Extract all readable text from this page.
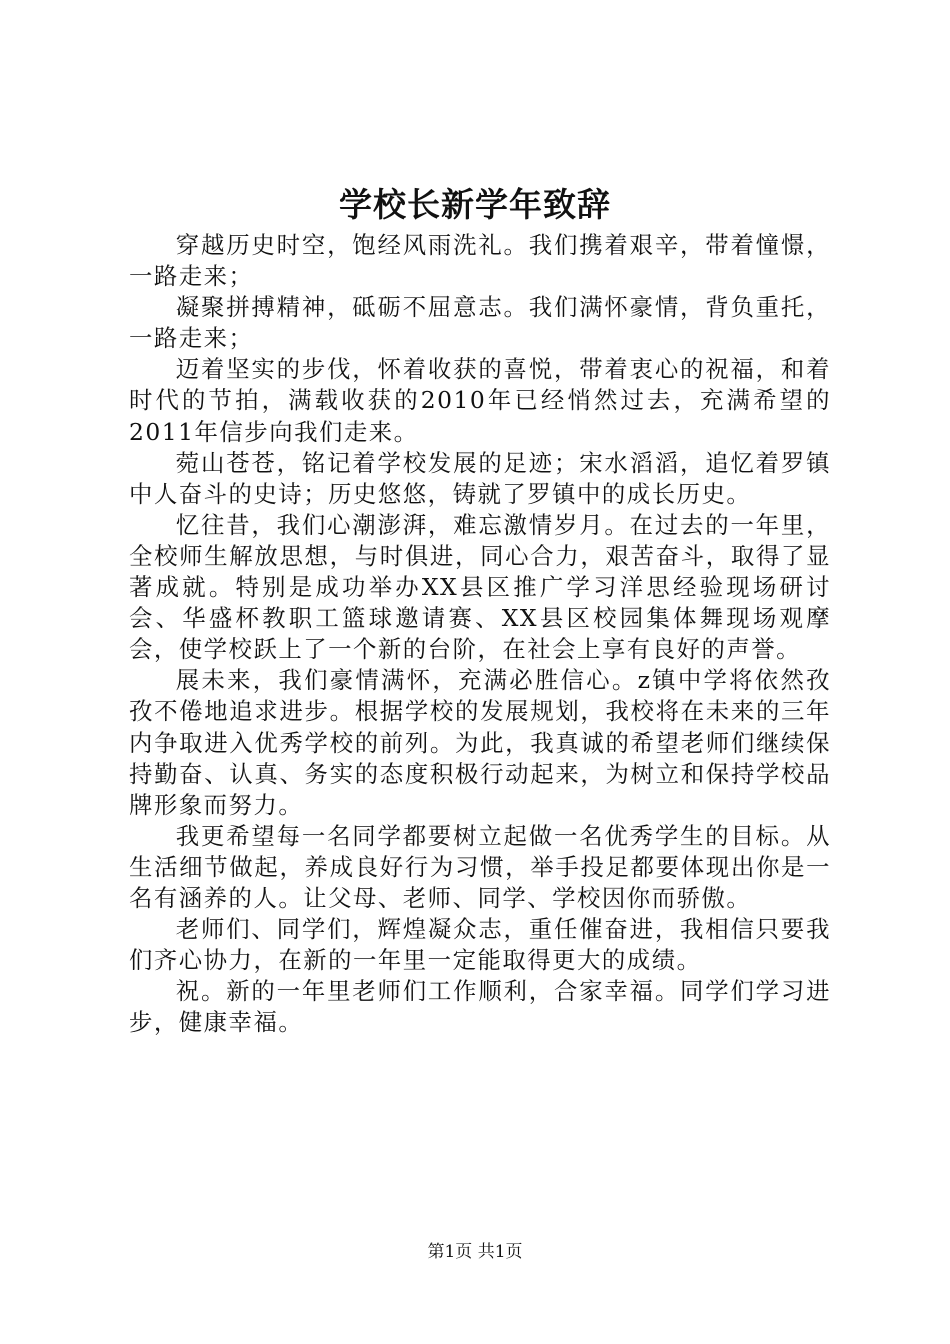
学校长新学年致辞

穿越历史时空，饱经风雨洗礼。我们携着艰辛，带着憧憬，一路走来；

凝聚拼搏精神，砥砺不屈意志。我们满怀豪情，背负重托，一路走来；

迈着坚实的步伐，怀着收获的喜悦，带着衷心的祝福，和着时代的节拍，满载收获的2010年已经悄然过去，充满希望的2011年信步向我们走来。

菀山苍苍，铭记着学校发展的足迹；宋水滔滔，追忆着罗镇中人奋斗的史诗；历史悠悠，铸就了罗镇中的成长历史。

忆往昔，我们心潮澎湃，难忘激情岁月。在过去的一年里，全校师生解放思想，与时俱进，同心合力，艰苦奋斗，取得了显著成就。特别是成功举办XX县区推广学习洋思经验现场研讨会、华盛杯教职工篮球邀请赛、XX县区校园集体舞现场观摩会，使学校跃上了一个新的台阶，在社会上享有良好的声誉。

展未来，我们豪情满怀，充满必胜信心。z镇中学将依然孜孜不倦地追求进步。根据学校的发展规划，我校将在未来的三年内争取进入优秀学校的前列。为此，我真诚的希望老师们继续保持勤奋、认真、务实的态度积极行动起来，为树立和保持学校品牌形象而努力。

我更希望每一名同学都要树立起做一名优秀学生的目标。从生活细节做起，养成良好行为习惯，举手投足都要体现出你是一名有涵养的人。让父母、老师、同学、学校因你而骄傲。

老师们、同学们，辉煌凝众志，重任催奋进，我相信只要我们齐心协力，在新的一年里一定能取得更大的成绩。

祝。新的一年里老师们工作顺利，合家幸福。同学们学习进步，健康幸福。

第1页 共1页
